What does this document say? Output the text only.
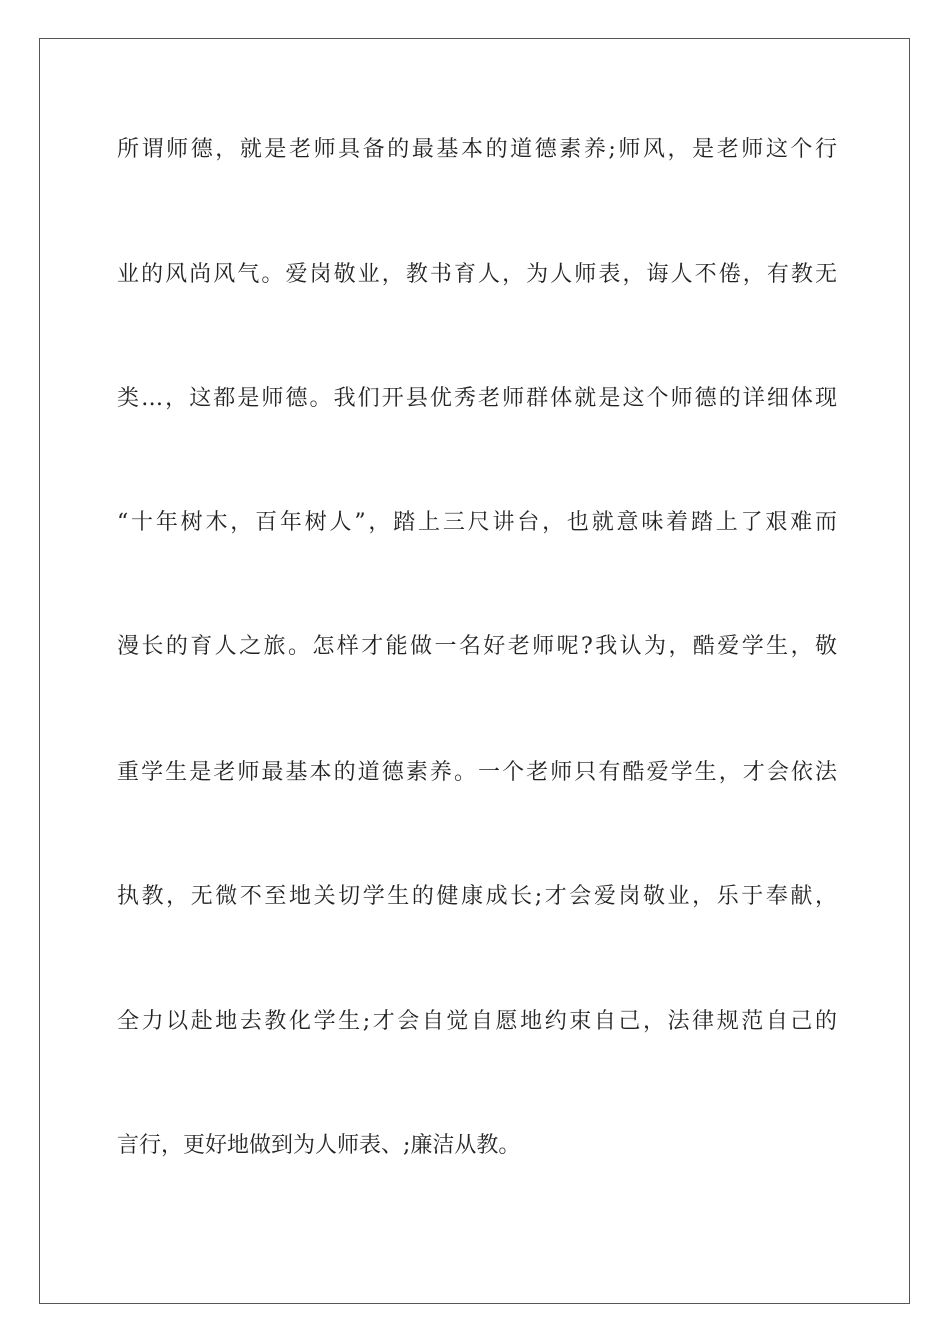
所谓师德，就是老师具备的最基本的道德素养;师风，是老师这个行
业的风尚风气。爱岗敬业，教书育人，为人师表，诲人不倦，有教无
类…，这都是师德。我们开县优秀老师群体就是这个师德的详细体现
“十年树木，百年树人”，踏上三尺讲台，也就意味着踏上了艰难而
漫长的育人之旅。怎样才能做一名好老师呢?我认为，酷爱学生，敬
重学生是老师最基本的道德素养。一个老师只有酷爱学生，才会依法
执教，无微不至地关切学生的健康成长;才会爱岗敬业，乐于奉献，
全力以赴地去教化学生;才会自觉自愿地约束自己，法律规范自己的
言行，更好地做到为人师表、;廉洁从教。
